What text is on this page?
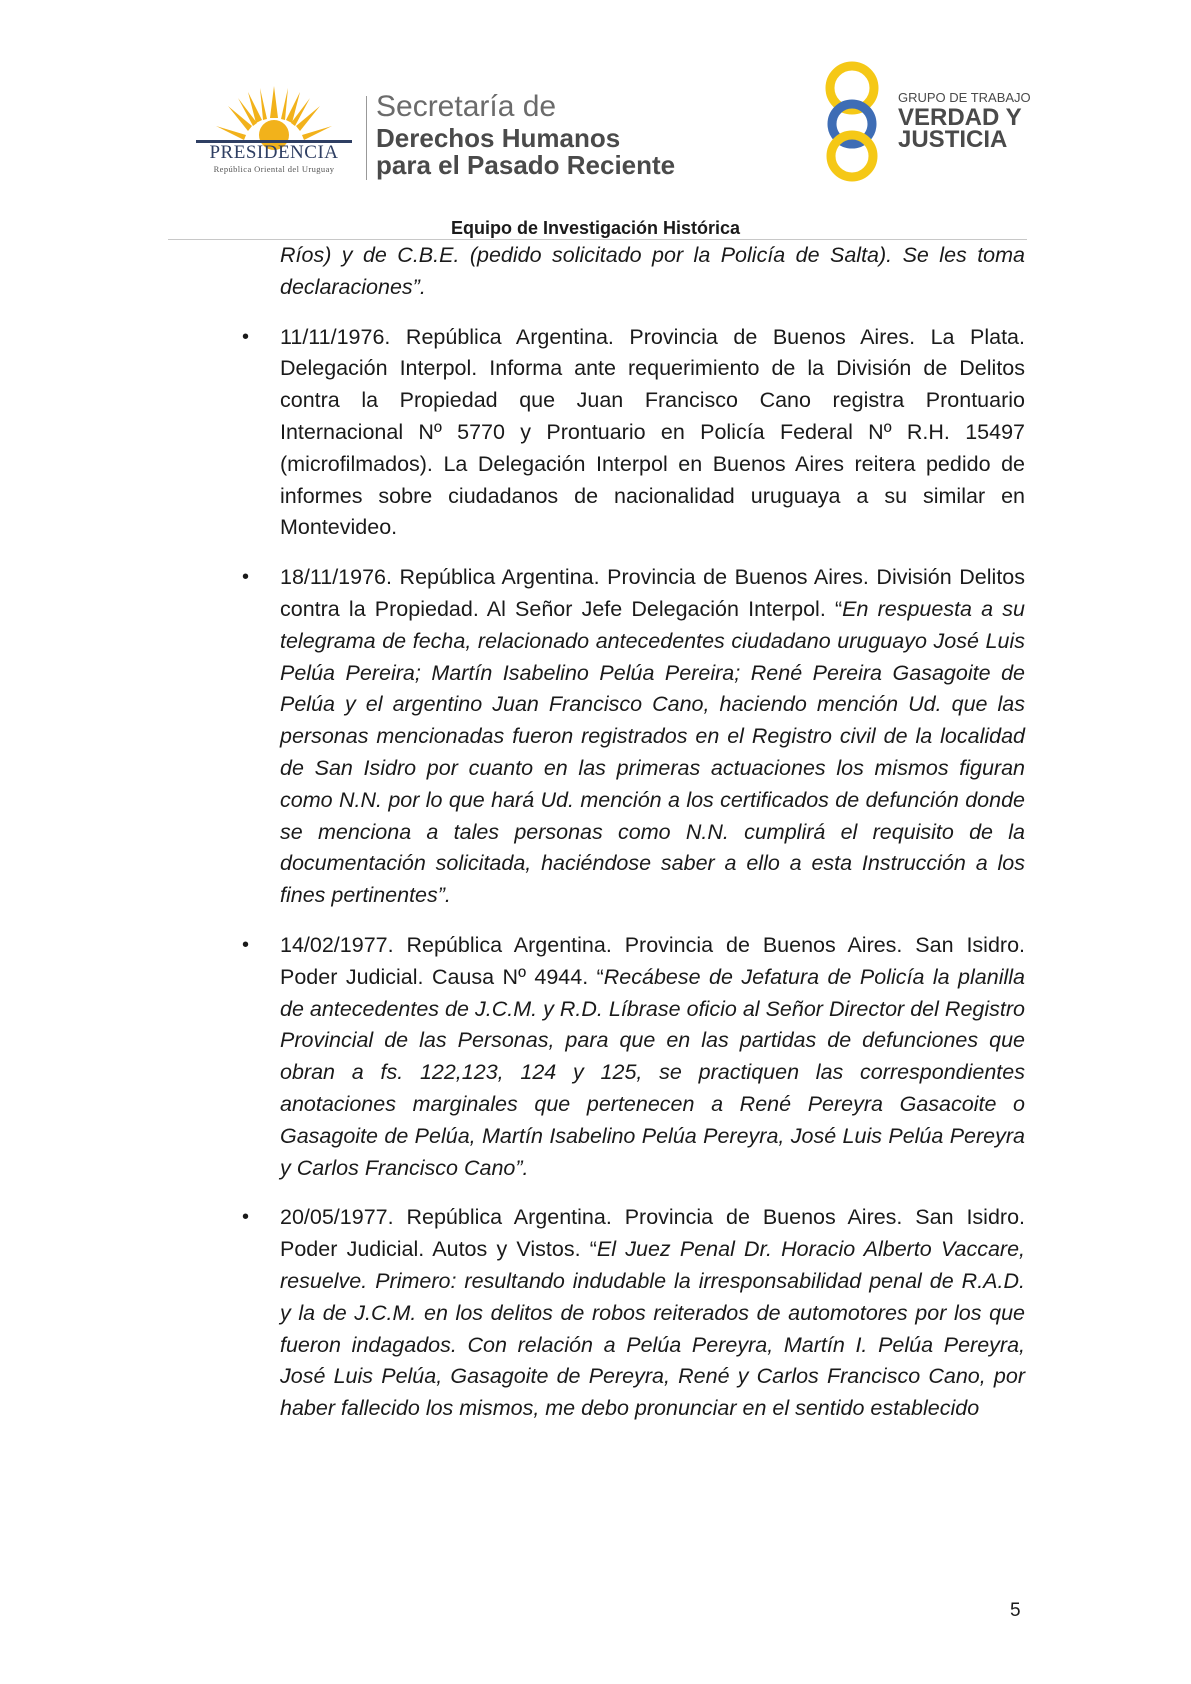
PRESIDENCIA
República Oriental del Uruguay
Secretaría de
Derechos Humanos
para el Pasado Reciente
GRUPO DE TRABAJO
VERDAD Y
JUSTICIA
Equipo de Investigación Histórica

Ríos) y de C.B.E. (pedido solicitado por la Policía de Salta). Se les toma declaraciones”.

• 11/11/1976. República Argentina. Provincia de Buenos Aires. La Plata. Delegación Interpol. Informa ante requerimiento de la División de Delitos contra la Propiedad que Juan Francisco Cano registra Prontuario Internacional Nº 5770 y Prontuario en Policía Federal Nº R.H. 15497 (microfilmados). La Delegación Interpol en Buenos Aires reitera pedido de informes sobre ciudadanos de nacionalidad uruguaya a su similar en Montevideo.

• 18/11/1976. República Argentina. Provincia de Buenos Aires. División Delitos contra la Propiedad. Al Señor Jefe Delegación Interpol. “En respuesta a su telegrama de fecha, relacionado antecedentes ciudadano uruguayo José Luis Pelúa Pereira; Martín Isabelino Pelúa Pereira; René Pereira Gasagoite de Pelúa y el argentino Juan Francisco Cano, haciendo mención Ud. que las personas mencionadas fueron registrados en el Registro civil de la localidad de San Isidro por cuanto en las primeras actuaciones los mismos figuran como N.N. por lo que hará Ud. mención a los certificados de defunción donde se menciona a tales personas como N.N. cumplirá el requisito de la documentación solicitada, haciéndose saber a ello a esta Instrucción a los fines pertinentes”.

• 14/02/1977. República Argentina. Provincia de Buenos Aires. San Isidro. Poder Judicial. Causa Nº 4944. “Recábese de Jefatura de Policía la planilla de antecedentes de J.C.M. y R.D. Líbrase oficio al Señor Director del Registro Provincial de las Personas, para que en las partidas de defunciones que obran a fs. 122,123, 124 y 125, se practiquen las correspondientes anotaciones marginales que pertenecen a René Pereyra Gasacoite o Gasagoite de Pelúa, Martín Isabelino Pelúa Pereyra, José Luis Pelúa Pereyra y Carlos Francisco Cano”.

• 20/05/1977. República Argentina. Provincia de Buenos Aires. San Isidro. Poder Judicial. Autos y Vistos. “El Juez Penal Dr. Horacio Alberto Vaccare, resuelve. Primero: resultando indudable la irresponsabilidad penal de R.A.D. y la de J.C.M. en los delitos de robos reiterados de automotores por los que fueron indagados. Con relación a Pelúa Pereyra, Martín I. Pelúa Pereyra, José Luis Pelúa, Gasagoite de Pereyra, René y Carlos Francisco Cano, por haber fallecido los mismos, me debo pronunciar en el sentido establecido

5
